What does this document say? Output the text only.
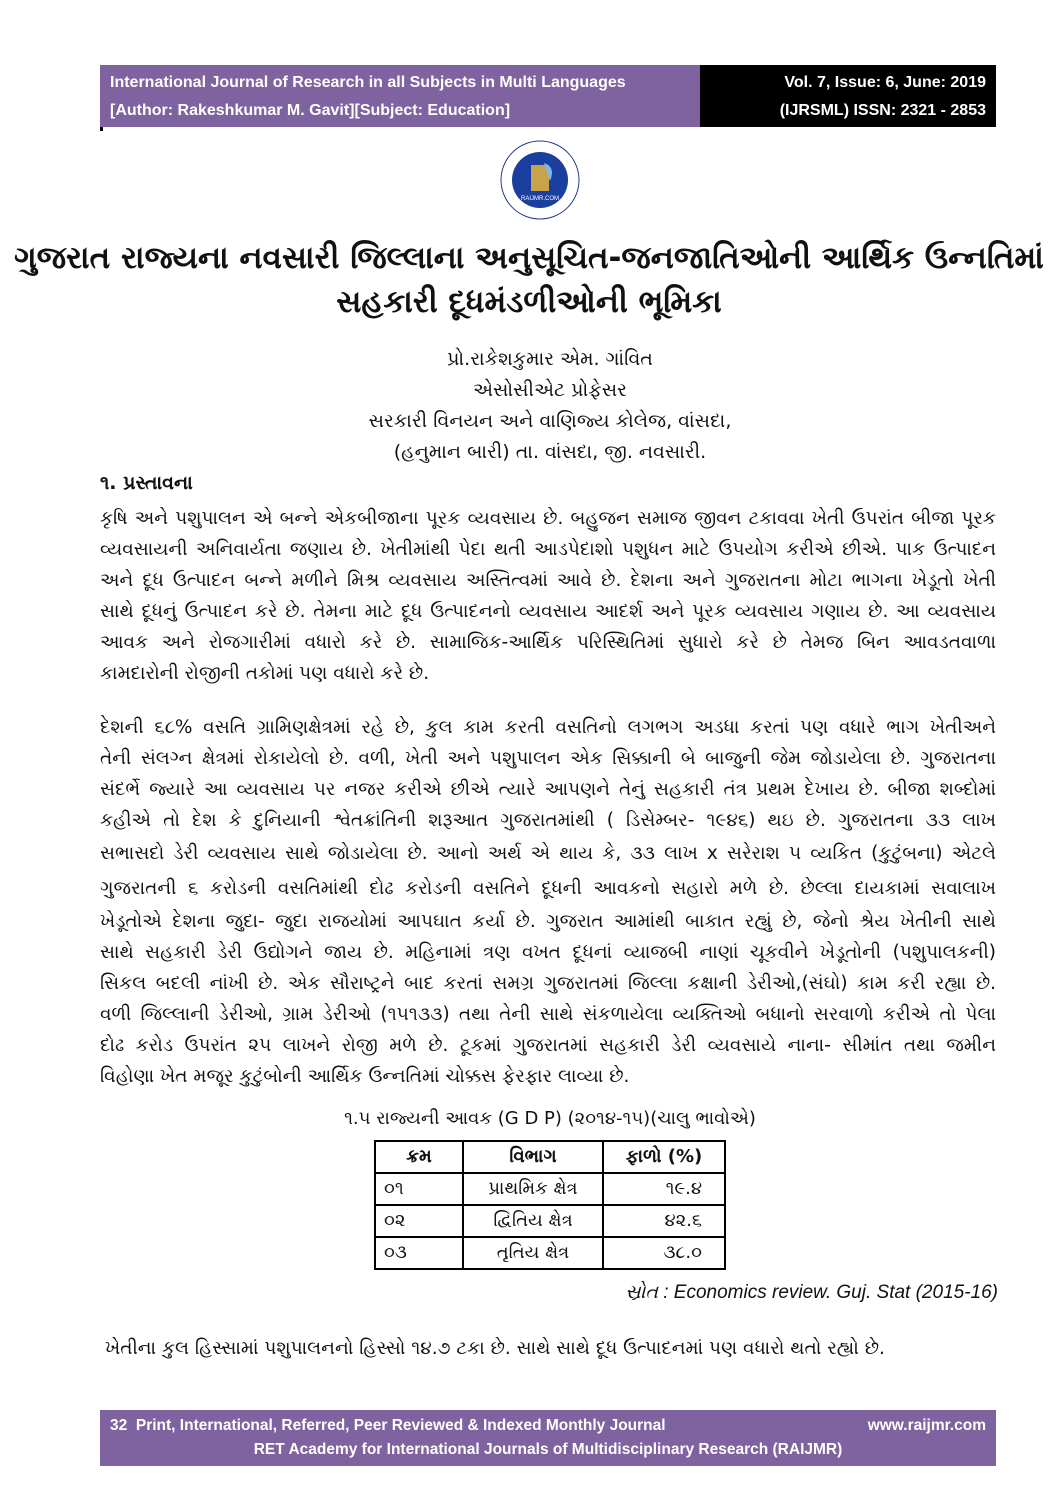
International Journal of Research in all Subjects in Multi Languages
[Author: Rakeshkumar M. Gavit][Subject: Education]
Vol. 7, Issue: 6, June: 2019
(IJRSML) ISSN: 2321 - 2853
RAIJMR.COM
ગુજરાત રાજ્યના નવસારી જિલ્લાના અનુસૂચિત-જનજાતિઓની આર્થિક ઉન્નતિમાં
સહકારી દૂધમંડળીઓની ભૂમિકા
પ્રો.રાકેશકુમાર એમ. ગાંવિત
એસોસીએટ પ્રોફેસર
સરકારી વિનયન અને વાણિજ્ય કોલેજ, વાંસદા,
(હનુમાન બારી) તા. વાંસદા, જી. નવસારી.
૧. પ્રસ્તાવના
કૃષિ અને પશુપાલન એ બન્ને એકબીજાના પૂરક વ્યવસાય છે. બહુજન સમાજ જીવન ટકાવવા ખેતી ઉપરાંત બીજા પૂરક
વ્યવસાયની અનિવાર્યતા જણાય છે. ખેતીમાંથી પેદા થતી આડપેદાશો પશુધન માટે ઉપયોગ કરીએ છીએ. પાક ઉત્પાદન
અને દૂધ ઉત્પાદન બન્ને મળીને મિશ્ર વ્યવસાય અસ્તિત્વમાં આવે છે. દેશના અને ગુજરાતના મોટા ભાગના ખેડૂતો ખેતી
સાથે દૂધનું ઉત્પાદન કરે છે. તેમના માટે દૂધ ઉત્પાદનનો વ્યવસાય આદર્શ અને પૂરક વ્યવસાય ગણાય છે. આ વ્યવસાય
આવક અને રોજગારીમાં વધારો કરે છે. સામાજિક-આર્થિક પરિસ્થિતિમાં સુધારો કરે છે તેમજ બિન આવડતવાળા
કામદારોની રોજીની તકોમાં પણ વધારો કરે છે.
દેશની ૬૮% વસતિ ગ્રામિણક્ષેત્રમાં રહે છે, કુલ કામ કરતી વસતિનો લગભગ અડધા કરતાં પણ વધારે ભાગ ખેતીઅને
તેની સંલગ્ન ક્ષેત્રમાં રોકાયેલો છે. વળી, ખેતી અને પશુપાલન એક સિક્કાની બે બાજુની જેમ જોડાયેલા છે. ગુજરાતના
સંદર્ભે જ્યારે આ વ્યવસાય પર નજર કરીએ છીએ ત્યારે આપણને તેનું સહકારી તંત્ર પ્રથમ દેખાય છે. બીજા શબ્દોમાં
કહીએ તો દેશ કે દુનિયાની શ્વેતક્રાંતિની શરૂઆત ગુજરાતમાંથી ( ડિસેમ્બર- ૧૯૪૬) થઇ છે. ગુજરાતના ૩૩ લાખ
સભાસદો ડેરી વ્યવસાય સાથે જોડાયેલા છે. આનો અર્થ એ થાય કે, ૩૩ લાખ x સરેરાશ ૫ વ્યકિત (કુટુંબના) એટલે
ગુજરાતની ૬ કરોડની વસતિમાંથી દોઢ કરોડની વસતિને દૂધની આવકનો સહારો મળે છે. છેલ્લા દાયકામાં સવાલાખ
ખેડૂતોએ દેશના જુદા- જુદા રાજયોમાં આપઘાત કર્યા છે. ગુજરાત આમાંથી બાકાત રહ્યું છે, જેનો શ્રેય ખેતીની સાથે
સાથે સહકારી ડેરી ઉદ્યોગને જાય છે. મહિનામાં ત્રણ વખત દૂધનાં વ્યાજબી નાણાં ચૂકવીને ખેડૂતોની (પશુપાલકની)
સિકલ બદલી નાંખી છે. એક સૌરાષ્ટ્રને બાદ કરતાં સમગ્ર ગુજરાતમાં જિલ્લા કક્ષાની ડેરીઓ,(સંઘો) કામ કરી રહ્યા છે.
વળી જિલ્લાની ડેરીઓ, ગ્રામ ડેરીઓ (૧૫૧૩૩) તથા તેની સાથે સંકળાયેલા વ્યક્તિઓ બધાનો સરવાળો કરીએ તો પેલા
દોઢ કરોડ ઉપરાંત ૨૫ લાખને રોજી મળે છે. ટૂકમાં ગુજરાતમાં સહકારી ડેરી વ્યવસાયે નાના- સીમાંત તથા જમીન
વિહોણા ખેત મજૂર કુટુંબોની આર્થિક ઉન્નતિમાં ચોક્કસ ફેરફાર લાવ્યા છે.
૧.૫ રાજ્યની આવક (G D P) (૨૦૧૪-૧૫)(ચાલુ ભાવોએ)
ક્રમ	વિભાગ	ફાળો (%)
૦૧	પ્રાથમિક ક્ષેત્ર	૧૯.૪
૦૨	દ્વિતિય ક્ષેત્ર	૪૨.૬
૦૩	તૃતિય ક્ષેત્ર	૩૮.૦
સ્રોત : Economics review. Guj. Stat (2015-16)
ખેતીના કુલ હિસ્સામાં પશુપાલનનો હિસ્સો ૧૪.૭ ટકા છે. સાથે સાથે દૂધ ઉત્પાદનમાં પણ વધારો થતો રહ્યો છે.
32 Print, International, Referred, Peer Reviewed & Indexed Monthly Journal	www.raijmr.com
RET Academy for International Journals of Multidisciplinary Research (RAIJMR)
